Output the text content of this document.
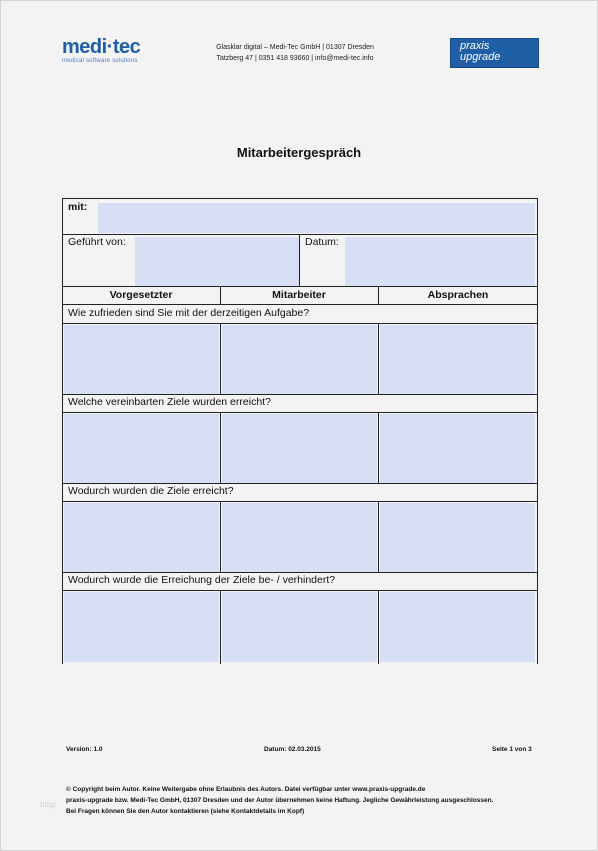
medi·tec
medical software solutions
Glasklar digital – Medi-Tec GmbH | 01307 Dresden
Tatzberg 47 | 0351 418 93660 | info@medi-tec.info
praxis
upgrade
Mitarbeitergespräch
mit:
Geführt von:	Datum:
Vorgesetzter	Mitarbeiter	Absprachen
Wie zufrieden sind Sie mit der derzeitigen Aufgabe?
Welche vereinbarten Ziele wurden erreicht?
Wodurch wurden die Ziele erreicht?
Wodurch wurde die Erreichung der Ziele be- / verhindert?
Version: 1.0	Datum: 02.03.2015	Seite 1 von 3
© Copyright beim Autor. Keine Weitergabe ohne Erlaubnis des Autors. Datei verfügbar unter www.praxis-upgrade.de
praxis-upgrade bzw. Medi-Tec GmbH, 01307 Dresden und der Autor übernehmen keine Haftung. Jegliche Gewährleistung ausgeschlossen.
Bei Fragen können Sie den Autor kontaktieren (siehe Kontaktdetails im Kopf)
blog
